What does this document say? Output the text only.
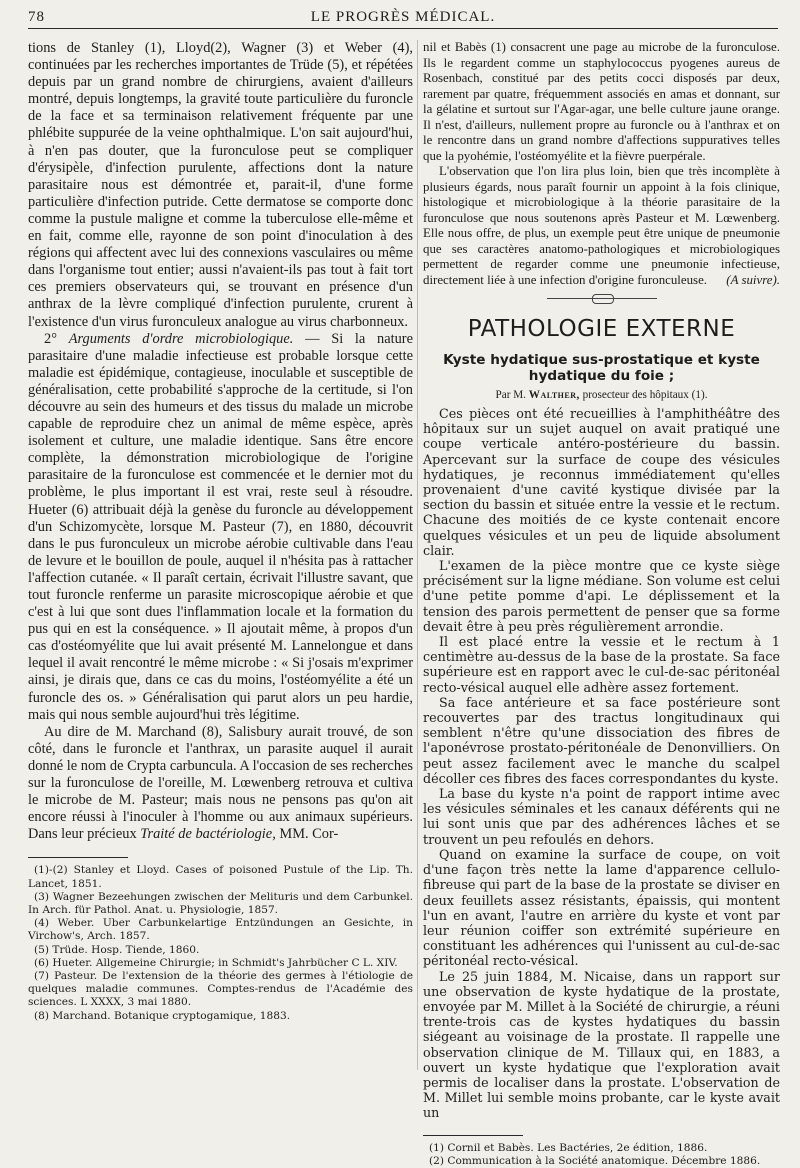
78	LE PROGRÈS MÉDICAL.

tions de Stanley (1), Lloyd(2), Wagner (3) et Weber (4), continuées par les recherches importantes de Trüde (5), et répétées depuis par un grand nombre de chirurgiens, avaient d'ailleurs montré, depuis longtemps, la gravité toute particulière du furoncle de la face et sa terminaison relativement fréquente par une phlébite suppurée de la veine ophthalmique. L'on sait aujourd'hui, à n'en pas douter, que la furonculose peut se compliquer d'érysipèle, d'infection purulente, affections dont la nature parasitaire nous est démontrée et, parait-il, d'une forme particulière d'infection putride. Cette dermatose se comporte donc comme la pustule maligne et comme la tuberculose elle-même et en fait, comme elle, rayonne de son point d'inoculation à des régions qui affectent avec lui des connexions vasculaires ou même dans l'organisme tout entier; aussi n'avaient-ils pas tout à fait tort ces premiers observateurs qui, se trouvant en présence d'un anthrax de la lèvre compliqué d'infection purulente, crurent à l'existence d'un virus furonculeux analogue au virus charbonneux.

2° Arguments d'ordre microbiologique. — Si la nature parasitaire d'une maladie infectieuse est probable lorsque cette maladie est épidémique, contagieuse, inoculable et susceptible de généralisation, cette probabilité s'approche de la certitude, si l'on découvre au sein des humeurs et des tissus du malade un microbe capable de reproduire chez un animal de même espèce, après isolement et culture, une maladie identique. Sans être encore complète, la démonstration microbiologique de l'origine parasitaire de la furonculose est commencée et le dernier mot du problème, le plus important il est vrai, reste seul à résoudre. Hueter (6) attribuait déjà la genèse du furoncle au développement d'un Schizomycète, lorsque M. Pasteur (7), en 1880, découvrit dans le pus furonculeux un microbe aérobie cultivable dans l'eau de levure et le bouillon de poule, auquel il n'hésita pas à rattacher l'affection cutanée. « Il paraît certain, écrivait l'illustre savant, que tout furoncle renferme un parasite microscopique aérobie et que c'est à lui que sont dues l'inflammation locale et la formation du pus qui en est la conséquence. » Il ajoutait même, à propos d'un cas d'ostéomyélite que lui avait présenté M. Lannelongue et dans lequel il avait rencontré le même microbe : « Si j'osais m'exprimer ainsi, je dirais que, dans ce cas du moins, l'ostéomyélite a été un furoncle des os. » Généralisation qui parut alors un peu hardie, mais qui nous semble aujourd'hui très légitime.

Au dire de M. Marchand (8), Salisbury aurait trouvé, de son côté, dans le furoncle et l'anthrax, un parasite auquel il aurait donné le nom de Crypta carbuncula. A l'occasion de ses recherches sur la furonculose de l'oreille, M. Lœwenberg retrouva et cultiva le microbe de M. Pasteur; mais nous ne pensons pas qu'on ait encore réussi à l'inoculer à l'homme ou aux animaux supérieurs. Dans leur précieux Traité de bactériologie, MM. Cor-

(1)-(2) Stanley et Lloyd. Cases of poisoned Pustule of the Lip. Th. Lancet, 1851.

(3) Wagner Bezeehungen zwischen der Melituris und dem Carbunkel. In Arch. für Pathol. Anat. u. Physiologie, 1857.

(4) Weber. Uber Carbunkelartige Entzündungen an Gesichte, in Virchow's, Arch. 1857.

(5) Trüde. Hosp. Tiende, 1860.

(6) Hueter. Allgemeine Chirurgie; in Schmidt's Jahrbücher C L. XIV.

(7) Pasteur. De l'extension de la théorie des germes à l'étiologie de quelques maladie communes. Comptes-rendus de l'Académie des sciences. L XXXX, 3 mai 1880.

(8) Marchand. Botanique cryptogamique, 1883.

nil et Babès (1) consacrent une page au microbe de la furonculose. Ils le regardent comme un staphylococcus pyogenes aureus de Rosenbach, constitué par des petits cocci disposés par deux, rarement par quatre, fréquemment associés en amas et donnant, sur la gélatine et surtout sur l'Agar-agar, une belle culture jaune orange. Il n'est, d'ailleurs, nullement propre au furoncle ou à l'anthrax et on le rencontre dans un grand nombre d'affections suppuratives telles que la pyohémie, l'ostéomyélite et la fièvre puerpérale.

L'observation que l'on lira plus loin, bien que très incomplète à plusieurs égards, nous paraît fournir un appoint à la fois clinique, histologique et microbiologique à la théorie parasitaire de la furonculose que nous soutenons après Pasteur et M. Lœwenberg. Elle nous offre, de plus, un exemple peut être unique de pneumonie que ses caractères anatomo-pathologiques et microbiologiques permettent de regarder comme une pneumonie infectieuse, directement liée à une infection d'origine furonculeuse.	(A suivre).

PATHOLOGIE EXTERNE

Kyste hydatique sus-prostatique et kyste hydatique du foie ;

Par M. Walther, prosecteur des hôpitaux (1).

Ces pièces ont été recueillies à l'amphithéâtre des hôpitaux sur un sujet auquel on avait pratiqué une coupe verticale antéro-postérieure du bassin. Apercevant sur la surface de coupe des vésicules hydatiques, je reconnus immédiatement qu'elles provenaient d'une cavité kystique divisée par la section du bassin et située entre la vessie et le rectum. Chacune des moitiés de ce kyste contenait encore quelques vésicules et un peu de liquide absolument clair.

L'examen de la pièce montre que ce kyste siège précisément sur la ligne médiane. Son volume est celui d'une petite pomme d'api. Le déplissement et la tension des parois permettent de penser que sa forme devait être à peu près régulièrement arrondie.

Il est placé entre la vessie et le rectum à 1 centimètre au-dessus de la base de la prostate. Sa face supérieure est en rapport avec le cul-de-sac péritonéal recto-vésical auquel elle adhère assez fortement.

Sa face antérieure et sa face postérieure sont recouvertes par des tractus longitudinaux qui semblent n'être qu'une dissociation des fibres de l'aponévrose prostato-péritonéale de Denonvilliers. On peut assez facilement avec le manche du scalpel décoller ces fibres des faces correspondantes du kyste.

La base du kyste n'a point de rapport intime avec les vésicules séminales et les canaux déférents qui ne lui sont unis que par des adhérences lâches et se trouvent un peu refoulés en dehors.

Quand on examine la surface de coupe, on voit d'une façon très nette la lame d'apparence cellulo-fibreuse qui part de la base de la prostate se diviser en deux feuillets assez résistants, épaissis, qui montent l'un en avant, l'autre en arrière du kyste et vont par leur réunion coiffer son extrémité supérieure en constituant les adhérences qui l'unissent au cul-de-sac péritonéal recto-vésical.

Le 25 juin 1884, M. Nicaise, dans un rapport sur une observation de kyste hydatique de la prostate, envoyée par M. Millet à la Société de chirurgie, a réuni trente-trois cas de kystes hydatiques du bassin siégeant au voisinage de la prostate. Il rappelle une observation clinique de M. Tillaux qui, en 1883, a ouvert un kyste hydatique que l'exploration avait permis de localiser dans la prostate. L'observation de M. Millet lui semble moins probante, car le kyste avait un

(1) Cornil et Babès. Les Bactéries, 2e édition, 1886.

(2) Communication à la Société anatomique. Décembre 1886.
